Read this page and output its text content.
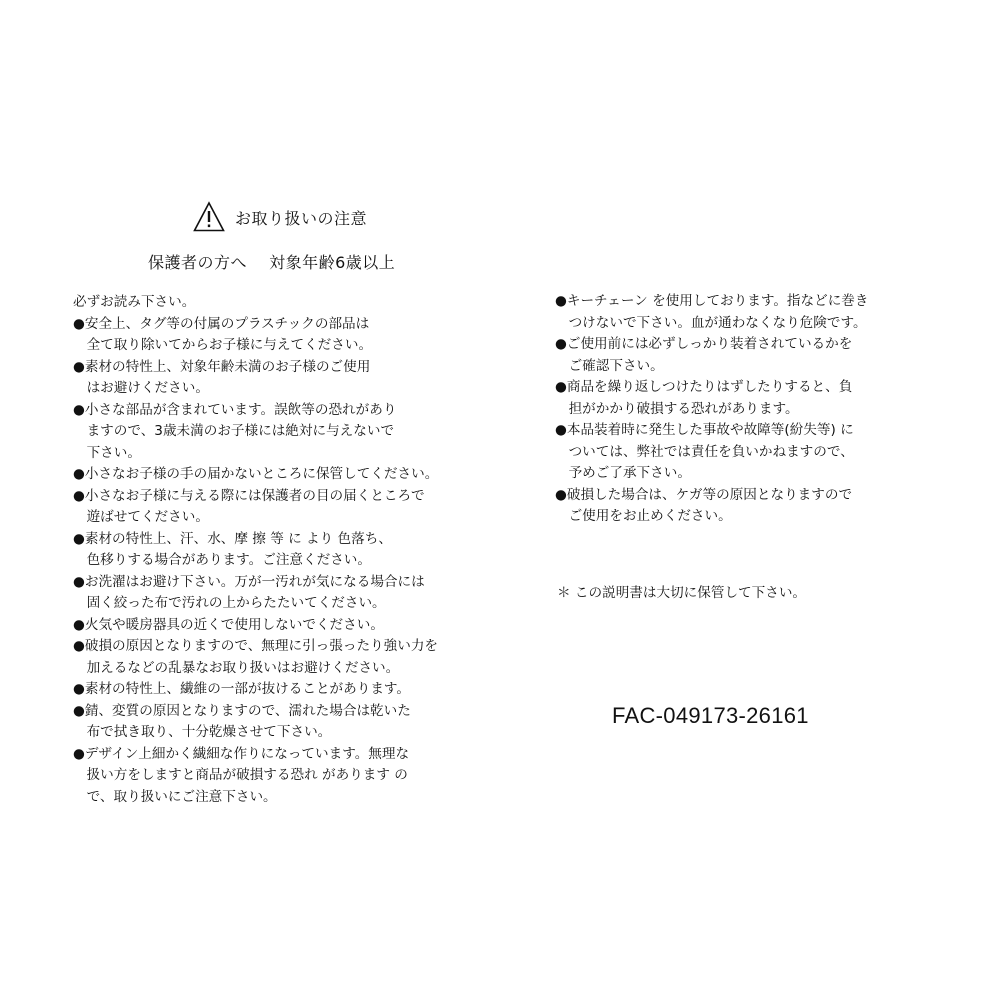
お取り扱いの注意
保護者の方へ　 対象年齢6歳以上
必ずお読み下さい。
●安全上、タグ等の付属のプラスチックの部品は
　全て取り除いてからお子様に与えてください。
●素材の特性上、対象年齢未満のお子様のご使用
　はお避けください。
●小さな部品が含まれています。誤飲等の恐れがあり
　ますので、3歳未満のお子様には絶対に与えないで
　下さい。
●小さなお子様の手の届かないところに保管してください。
●小さなお子様に与える際には保護者の目の届くところで
　遊ばせてください。
●素材の特性上、汗、水、摩 擦 等 に より 色落ち、
　色移りする場合があります。ご注意ください。
●お洗濯はお避け下さい。万が一汚れが気になる場合には
　固く絞った布で汚れの上からたたいてください。
●火気や暖房器具の近くで使用しないでください。
●破損の原因となりますので、無理に引っ張ったり強い力を
　加えるなどの乱暴なお取り扱いはお避けください。
●素材の特性上、繊維の一部が抜けることがあります。
●錆、変質の原因となりますので、濡れた場合は乾いた
　布で拭き取り、十分乾燥させて下さい。
●デザイン上細かく繊細な作りになっています。無理な
　扱い方をしますと商品が破損する恐れ があります の
　で、取り扱いにご注意下さい。
●キーチェーン を使用しております。指などに巻き
　つけないで下さい。血が通わなくなり危険です。
●ご使用前には必ずしっかり装着されているかを
　ご確認下さい。
●商品を繰り返しつけたりはずしたりすると、負
　担がかかり破損する恐れがあります。
●本品装着時に発生した事故や故障等(紛失等) に
　ついては、弊社では責任を負いかねますので、
　予めご了承下さい。
●破損した場合は、ケガ等の原因となりますので
　ご使用をお止めください。
＊ この説明書は大切に保管して下さい。
FAC-049173-26161
